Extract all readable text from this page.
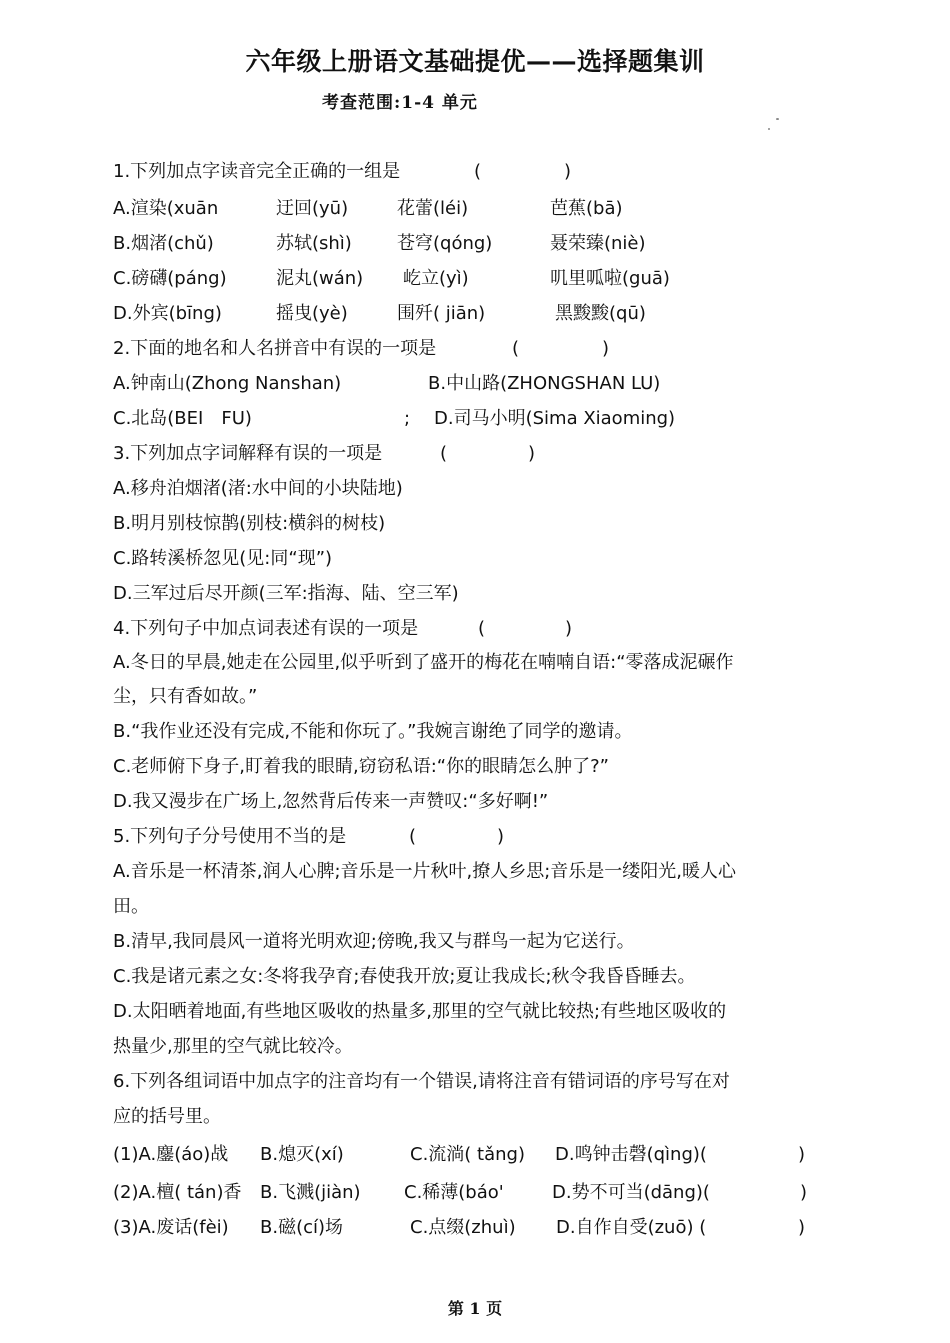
六年级上册语文基础提优——选择题集训
考查范围:1-4 单元
1.下列加点字读音完全正确的一组是	(	)
A.渲染(xuān	迂回(yū)	花蕾(léi)	芭蕉(bā)
B.烟渚(chǔ)	苏轼(shì)	苍穹(qóng)	聂荣臻(niè)
C.磅礴(páng)	泥丸(wán) 屹立(yì)	叽里呱啦(guā)
D.外宾(bīng)	摇曳(yè)	围歼( jiān)	黑黢黢(qū)
2.下面的地名和人名拼音中有误的一项是	(	)
A.钟南山(Zhong Nanshan)	B.中山路(ZHONGSHAN LU)
C.北岛(BEI　FU)	; D.司马小明(Sima Xiaoming)
3.下列加点字词解释有误的一项是	(	)
A.移舟泊烟渚(渚:水中间的小块陆地)
B.明月别枝惊鹊(别枝:横斜的树枝)
C.路转溪桥忽见(见:同“现”)
D.三军过后尽开颜(三军:指海、陆、空三军)
4.下列句子中加点词表述有误的一项是	(	)
A.冬日的早晨,她走在公园里,似乎听到了盛开的梅花在喃喃自语:“零落成泥碾作
尘，只有香如故。”
B.“我作业还没有完成,不能和你玩了。”我婉言谢绝了同学的邀请。
C.老师俯下身子,盯着我的眼睛,窃窃私语:“你的眼睛怎么肿了?”
D.我又漫步在广场上,忽然背后传来一声赞叹:“多好啊!”
5.下列句子分号使用不当的是	(	)
A.音乐是一杯清茶,润人心脾;音乐是一片秋叶,撩人乡思;音乐是一缕阳光,暖人心
田。
B.清早,我同晨风一道将光明欢迎;傍晚,我又与群鸟一起为它送行。
C.我是诸元素之女:冬将我孕育;春使我开放;夏让我成长;秋令我昏昏睡去。
D.太阳晒着地面,有些地区吸收的热量多,那里的空气就比较热;有些地区吸收的
热量少,那里的空气就比较冷。
6.下列各组词语中加点字的注音均有一个错误,请将注音有错词语的序号写在对
应的括号里。
(1)A.鏖(áo)战 B.熄灭(xí)	C.流淌( tǎng) D.鸣钟击磬(qìng)(	)
(2)A.檀( tán)香 B.飞溅(jiàn) C.稀薄(báo'	D.势不可当(dāng)(	)
(3)A.废话(fèi) B.磁(cí)场	C.点缀(zhuì) D.自作自受(zuō) (	)
第 1 页
